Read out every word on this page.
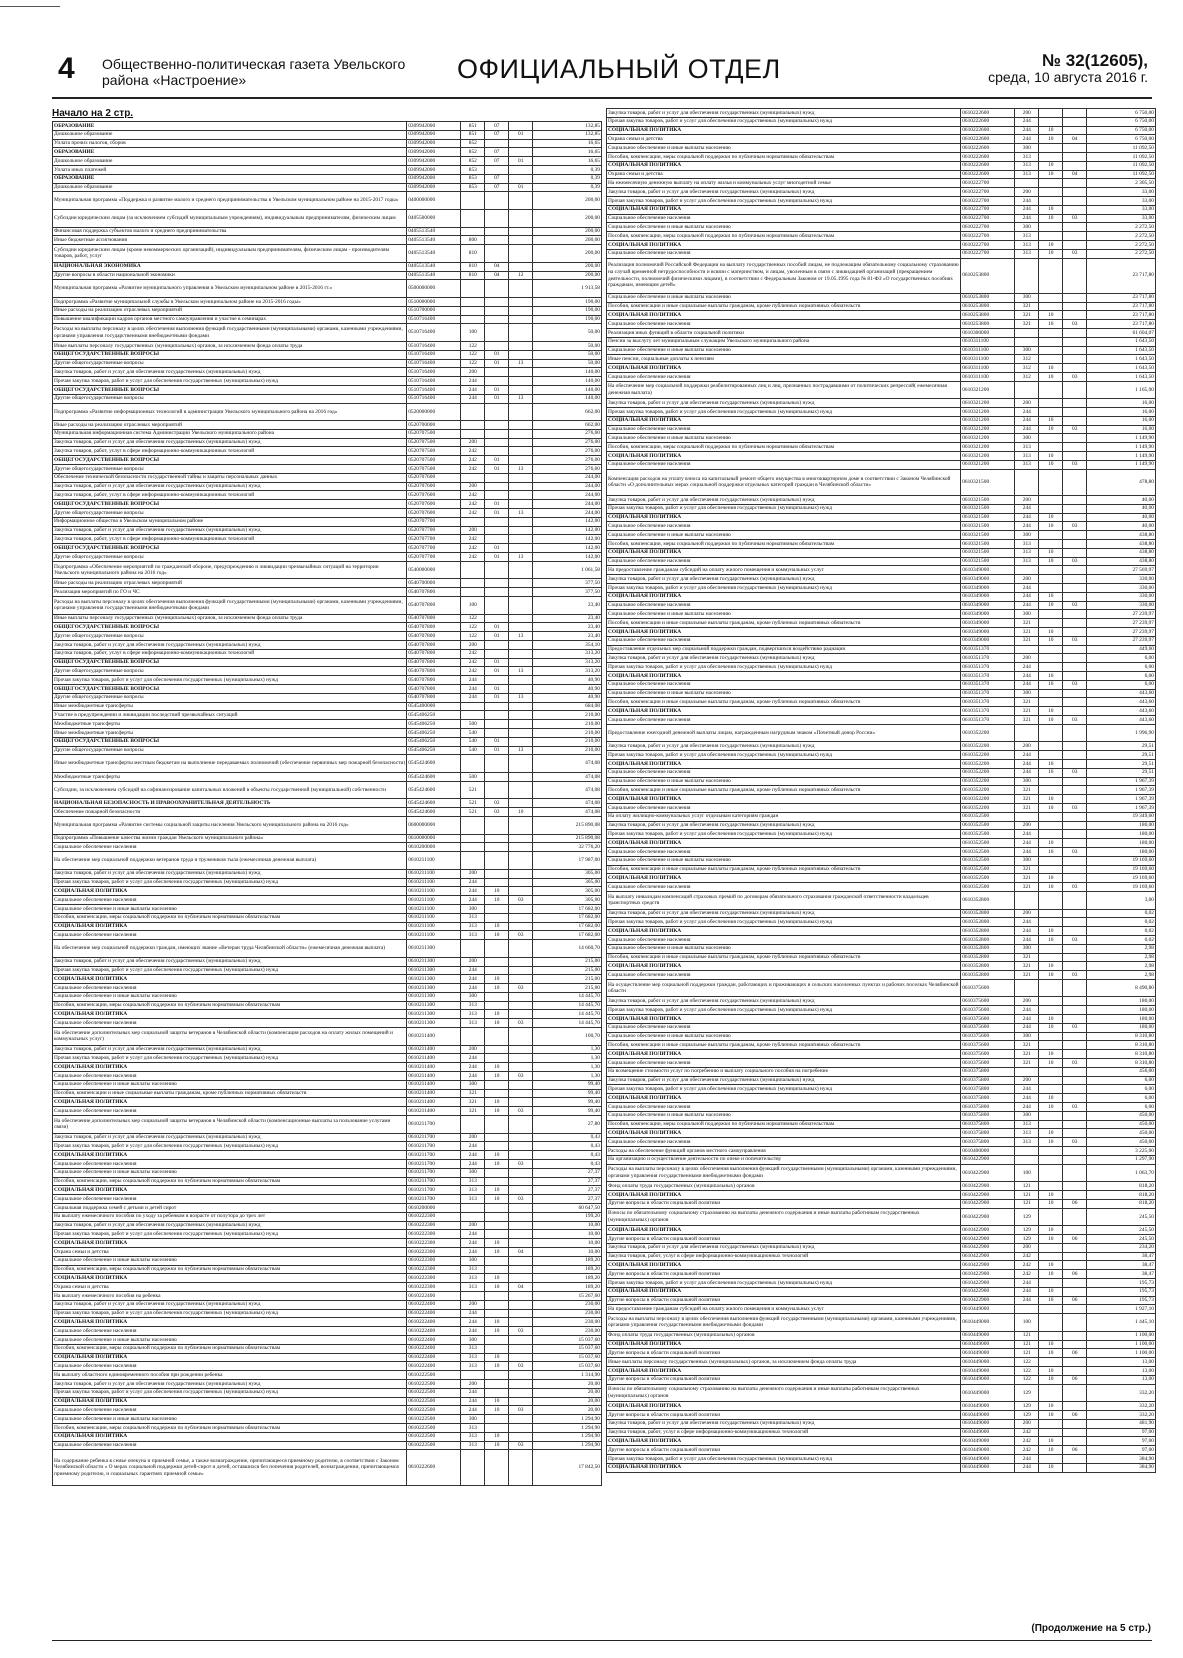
4 Общественно-политическая газета Увельского района «Настроение»	ОФИЦИАЛЬНЫЙ ОТДЕЛ	№ 32(12605),
среда, 10 августа 2016 г.
Начало на 2 стр.
ОБРАЗОВАНИЕ	0309942000	851	07		132,85
Дошкольное образование	0309942000	851	07	01	132,85
Уплата прочих налогов, сборов	0309942000	852			16,65
ОБРАЗОВАНИЕ	0309942000	852	07		16,65
Дошкольное образование	0309942000	852	07	01	16,65
Уплата иных платежей	0309942000	853			0,39
ОБРАЗОВАНИЕ	0309942000	853	07		0,39
Дошкольное образование	0309942000	853	07	01	0,39
Муниципальная программа «Поддержка и развитие малого и среднего предпринимательства в Увельском муниципальном районе на 2015-2017 годы»	0400000000				200,00
Субсидии юридическим лицам (за исключением субсидий муниципальным учреждениям), индивидуальным предпринимателям, физическим лицам	0405500000				200,00
Финансовая поддержка субъектов малого и среднего предпринимательства	0405513540				200,00
Иные бюджетные ассигнования	0405513540	800			200,00
Субсидии юридическим лицам (кроме некоммерческих организаций), индивидуальным предпринимателям, физическим лицам - производителям товаров, работ, услуг	0405513540	810			200,00
НАЦИОНАЛЬНАЯ ЭКОНОМИКА	0405513540	810	04		200,00
Другие вопросы в области национальной экономики	0405513540	810	04	12	200,00
Муниципальная программа «Развитие муниципального управления в Увельском муниципальном районе в 2015-2016 гг.»	0500000000				1 913,58
Подпрограмма «Развитие муниципальной службы в Увельском муниципальном районе на 2015-2016 годы»	0510000000				190,00
Иные расходы на реализацию отраслевых мероприятий	0510700000				190,00
Повышение квалификации кадров органов местного самоуправления и участие в семинарах	0510716400				190,00
Расходы на выплаты персоналу в целях обеспечения выполнения функций государственными (муниципальными) органами, казенными учреждениями, органами управления государственными внебюджетными фондами	0510716400	100			50,00
Иные выплаты персоналу государственных (муниципальных) органов, за исключением фонда оплаты труда	0510716400	122			50,00
ОБЩЕГОСУДАРСТВЕННЫЕ ВОПРОСЫ	0510716400	122	01		50,00
Другие общегосударственные вопросы	0510716400	122	01	13	50,00
Закупка товаров, работ и услуг для обеспечения государственных (муниципальных) нужд	0510716400	200			140,00
Прочая закупка товаров, работ и услуг для обеспечения государственных (муниципальных) нужд	0510716400	244			140,00
ОБЩЕГОСУДАРСТВЕННЫЕ ВОПРОСЫ	0510716400	244	01		140,00
Другие общегосударственные вопросы	0510716400	244	01	13	140,00
Подпрограмма «Развитие информационных технологий в администрации Увельского муниципального района на 2016 год»	0520000000				662,00
Иные расходы на реализацию отраслевых мероприятий	0520700000				662,00
Муниципальная информационная система Администрации Увельского муниципального района	0520707500				276,00
Закупка товаров, работ и услуг для обеспечения государственных (муниципальных) нужд	0520707500	200			276,00
Закупка товаров, работ, услуг в сфере информационно-коммуникационных технологий	0520707500	242			276,00
ОБЩЕГОСУДАРСТВЕННЫЕ ВОПРОСЫ	0520707500	242	01		276,00
Другие общегосударственные вопросы	0520707500	242	01	13	276,00
Обеспечение технической безопасности государственной тайны и защиты персональных данных	0520707600				244,00
Закупка товаров, работ и услуг для обеспечения государственных (муниципальных) нужд	0520707600	200			244,00
Закупка товаров, работ, услуг в сфере информационно-коммуникационных технологий	0520707600	242			244,00
ОБЩЕГОСУДАРСТВЕННЫЕ ВОПРОСЫ	0520707600	242	01		244,00
Другие общегосударственные вопросы	0520707600	242	01	13	244,00
Информационное общество в Увельском муниципальном районе	0520707700				142,00
Закупка товаров, работ и услуг для обеспечения государственных (муниципальных) нужд	0520707700	200			142,00
Закупка товаров, работ, услуг в сфере информационно-коммуникационных технологий	0520707700	242			142,00
ОБЩЕГОСУДАРСТВЕННЫЕ ВОПРОСЫ	0520707700	242	01		142,00
Другие общегосударственные вопросы	0520707700	242	01	13	142,00
Подпрограмма «Обеспечение мероприятий по гражданской обороне, предупреждению и ликвидации чрезвычайных ситуаций на территории Увельского муниципального района на 2016 год»	0540000000				1 061,58
Иные расходы на реализацию отраслевых мероприятий	0540700000				377,50
Реализация мероприятий по ГО и ЧС	0540707800				377,50
Расходы на выплаты персоналу в целях обеспечения выполнения функций государственными (муниципальными) органами, казенными учреждениями, органами управления государственными внебюджетными фондами	0540707800	100			23,40
Иные выплаты персоналу государственных (муниципальных) органов, за исключением фонда оплаты труда	0540707800	122			23,40
ОБЩЕГОСУДАРСТВЕННЫЕ ВОПРОСЫ	0540707800	122	01		23,40
Другие общегосударственные вопросы	0540707800	122	01	13	23,40
Закупка товаров, работ и услуг для обеспечения государственных (муниципальных) нужд	0540707800	200			354,10
Закупка товаров, работ, услуг в сфере информационно-коммуникационных технологий	0540707800	242			313,20
ОБЩЕГОСУДАРСТВЕННЫЕ ВОПРОСЫ	0540707800	242	01		313,20
Другие общегосударственные вопросы	0540707800	242	01	13	313,20
Прочая закупка товаров, работ и услуг для обеспечения государственных (муниципальных) нужд	0540707800	244			40,90
ОБЩЕГОСУДАРСТВЕННЫЕ ВОПРОСЫ	0540707800	244	01		40,90
Другие общегосударственные вопросы	0540707800	244	01	13	40,90
Иные межбюджетные трансферты	0545400000				684,08
Участие в предупреждении и ликвидации последствий чрезвычайных ситуаций	0545406250				210,00
Межбюджетные трансферты	0545406250	500			210,00
Иные межбюджетные трансферты	0545406250	540			210,00
ОБЩЕГОСУДАРСТВЕННЫЕ ВОПРОСЫ	0545406250	540	01		210,00
Другие общегосударственные вопросы	0545406250	540	01	13	210,00
Иные межбюджетные трансферты местным бюджетам на выполнение передаваемых полномочий (обеспечение первичных мер пожарной безопасности)	0545424600				474,08
Межбюджетные трансферты	0545424600	500			474,08
Субсидии, за исключением субсидий на софинансирование капитальных вложений в объекты государственной (муниципальной) собственности	0545424600	521			474,08
НАЦИОНАЛЬНАЯ БЕЗОПАСНОСТЬ И ПРАВООХРАНИТЕЛЬНАЯ ДЕЯТЕЛЬНОСТЬ	0545424600	521	03		474,08
Обеспечение пожарной безопасности	0545424600	521	03	10	474,08
Муниципальная программа «Развитие системы социальной защиты населения Увельского муниципального района на 2016 год»	0600000000				215 890,08
Подпрограмма «Повышение качества жизни граждан Увельского муниципального района»	0610000000				215 890,08
Социальное обеспечение населения	0610200000				32 776,20
На обеспечение мер социальной поддержки ветеранов труда и тружеников тыла (ежемесячная денежная выплата)	0610211100				17 987,00
Закупка товаров, работ и услуг для обеспечения государственных (муниципальных) нужд	0610211100	200			305,00
Прочая закупка товаров, работ и услуг для обеспечения государственных (муниципальных) нужд	0610211100	244			305,00
СОЦИАЛЬНАЯ ПОЛИТИКА	0610211100	244	10		305,00
Социальное обеспечение населения	0610211100	244	10	03	305,00
Социальное обеспечение и иные выплаты населению	0610211100	300			17 682,00
Пособия, компенсации, меры социальной поддержки по публичным нормативным обязательствам	0610211100	313			17 682,00
СОЦИАЛЬНАЯ ПОЛИТИКА	0610211100	313	10		17 682,00
Социальное обеспечение населения	0610211100	313	10	03	17 682,00
На обеспечение мер социальной поддержки граждан, имеющих звание «Ветеран труда Челябинской области» (ежемесячная денежная выплата)	0610211300				14 660,70
Закупка товаров, работ и услуг для обеспечения государственных (муниципальных) нужд	0610211300	200			215,00
Прочая закупка товаров, работ и услуг для обеспечения государственных (муниципальных) нужд	0610211300	244			215,00
СОЦИАЛЬНАЯ ПОЛИТИКА	0610211300	244	10		215,00
Социальное обеспечение населения	0610211300	244	10	03	215,00
Социальное обеспечение и иные выплаты населению	0610211300	300			14 445,70
Пособия, компенсации, меры социальной поддержки по публичным нормативным обязательствам	0610211300	313			14 445,70
СОЦИАЛЬНАЯ ПОЛИТИКА	0610211300	313	10		14 445,70
Социальное обеспечение населения	0610211300	313	10	03	14 445,70
На обеспечение дополнительных мер социальной защиты ветеранов в Челябинской области (компенсация расходов на оплату жилых помещений и коммунальных услуг)	0610211400				100,70
Закупка товаров, работ и услуг для обеспечения государственных (муниципальных) нужд	0610211400	200			1,30
Прочая закупка товаров, работ и услуг для обеспечения государственных (муниципальных) нужд	0610211400	244			1,30
СОЦИАЛЬНАЯ ПОЛИТИКА	0610211400	244	10		1,30
Социальное обеспечение населения	0610211400	244	10	03	1,30
Социальное обеспечение и иные выплаты населению	0610211400	300			99,40
Пособия, компенсации и иные социальные выплаты гражданам, кроме публичных нормативных обязательств	0610211400	321			99,40
СОЦИАЛЬНАЯ ПОЛИТИКА	0610211400	321	10		99,40
Социальное обеспечение населения	0610211400	321	10	03	99,40
На обеспечение дополнительных мер социальной защиты ветеранов в Челябинской области (компенсационные выплаты за пользование услугами связи)	0610211700				27,80
Закупка товаров, работ и услуг для обеспечения государственных (муниципальных) нужд	0610211700	200			0,43
Прочая закупка товаров, работ и услуг для обеспечения государственных (муниципальных) нужд	0610211700	244			0,43
СОЦИАЛЬНАЯ ПОЛИТИКА	0610211700	244	10		0,43
Социальное обеспечение населения	0610211700	244	10	03	0,43
Социальное обеспечение и иные выплаты населению	0610211700	300			27,37
Пособия, компенсации, меры социальной поддержки по публичным нормативным обязательствам	0610211700	313			27,37
СОЦИАЛЬНАЯ ПОЛИТИКА	0610211700	313	10		27,37
Социальное обеспечение населения	0610211700	313	10	03	27,37
Социальная поддержка семей с детьми и детей сирот	0610200000				60 647,50
На выплату ежемесячного пособия по уходу за ребенком в возрасте от полутора до трех лет	0610222300				199,20
Закупка товаров, работ и услуг для обеспечения государственных (муниципальных) нужд	0610222300	200			10,00
Прочая закупка товаров, работ и услуг для обеспечения государственных (муниципальных) нужд	0610222300	244			10,00
СОЦИАЛЬНАЯ ПОЛИТИКА	0610222300	244	10		10,00
Охрана семьи и детства	0610222300	244	10	04	10,00
Социальное обеспечение и иные выплаты населению	0610222300	300			189,20
Пособия, компенсации, меры социальной поддержки по публичным нормативным обязательствам	0610222300	313			189,20
СОЦИАЛЬНАЯ ПОЛИТИКА	0610222300	313	10		189,20
Охрана семьи и детства	0610222300	313	10	04	189,20
На выплату ежемесячного пособия на ребенка	0610222400				15 267,60
Закупка товаров, работ и услуг для обеспечения государственных (муниципальных) нужд	0610222400	200			230,00
Прочая закупка товаров, работ и услуг для обеспечения государственных (муниципальных) нужд	0610222400	244			230,00
СОЦИАЛЬНАЯ ПОЛИТИКА	0610222400	244	10		230,00
Социальное обеспечение населения	0610222400	244	10	03	230,00
Социальное обеспечение и иные выплаты населению	0610222400	300			15 037,60
Пособия, компенсации, меры социальной поддержки по публичным нормативным обязательствам	0610222400	313			15 037,60
СОЦИАЛЬНАЯ ПОЛИТИКА	0610222400	313	10		15 037,60
Социальное обеспечение населения	0610222400	313	10	03	15 037,60
На выплату областного единовременного пособия при рождении ребенка	0610222500				1 314,90
Закупка товаров, работ и услуг для обеспечения государственных (муниципальных) нужд	0610222500	200			20,00
Прочая закупка товаров, работ и услуг для обеспечения государственных (муниципальных) нужд	0610222500	244			20,00
СОЦИАЛЬНАЯ ПОЛИТИКА	0610222500	244	10		20,00
Социальное обеспечение населения	0610222500	244	10	03	20,00
Социальное обеспечение и иные выплаты населению	0610222500	300			1 294,90
Пособия, компенсации, меры социальной поддержки по публичным нормативным обязательствам	0610222500	313			1 294,90
СОЦИАЛЬНАЯ ПОЛИТИКА	0610222500	313	10		1 294,90
Социальное обеспечение населения	0610222500	313	10	03	1 294,90
На содержание ребенка в семье опекуна и приемной семье, а также вознаграждение, причитающееся приемному родителю, в соответствии с Законом Челябинской области « О мерах социальной поддержки детей-сирот и детей, оставшихся без попечения родителей, вознаграждении, причитающемся приемному родителю, и социальных гарантиях приемной семье»	0610222600				17 842,50
Закупка товаров, работ и услуг для обеспечения государственных (муниципальных) нужд	0610222600	200			6 750,00
Прочая закупка товаров, работ и услуг для обеспечения государственных (муниципальных) нужд	0610222600	244			6 750,00
СОЦИАЛЬНАЯ ПОЛИТИКА	0610222600	244	10		6 750,00
Охрана семьи и детства	0610222600	244	10	04	6 750,00
Социальное обеспечение и иные выплаты населению	0610222600	300			11 092,50
Пособия, компенсации, меры социальной поддержки по публичным нормативным обязательствам	0610222600	313			11 092,50
СОЦИАЛЬНАЯ ПОЛИТИКА	0610222600	313	10		11 092,50
Охрана семьи и детства	0610222600	313	10	04	11 092,50
На ежемесячную денежную выплату на оплату жилья и коммунальных услуг многодетной семье	0610222700				2 305,50
Закупка товаров, работ и услуг для обеспечения государственных (муниципальных) нужд	0610222700	200			33,00
Прочая закупка товаров, работ и услуг для обеспечения государственных (муниципальных) нужд	0610222700	244			33,00
СОЦИАЛЬНАЯ ПОЛИТИКА	0610222700	244	10		33,00
Социальное обеспечение населения	0610222700	244	10	03	33,00
Социальное обеспечение и иные выплаты населению	0610222700	300			2 272,50
Пособия, компенсации, меры социальной поддержки по публичным нормативным обязательствам	0610222700	313			2 272,50
СОЦИАЛЬНАЯ ПОЛИТИКА	0610222700	313	10		2 272,50
Социальное обеспечение населения	0610222700	313	10	03	2 272,50
Реализация полномочий Российской Федерации на выплату государственных пособий лицам, не подлежащим обязательному социальному страхованию на случай временной нетрудоспособности и всвязи с материнством, и лицам, уволенным в связи с ликвидацией организаций (прекращением деятельности, полномочий физическими лицами), в соответствии с Федеральным Законом от 19.05.1995 года № 81-ФЗ «О государственных пособиях гражданам, имеющим детей»	0610253800				23 717,80
Социальное обеспечение и иные выплаты населению	0610253800	300			23 717,80
Пособия, компенсации и иные социальные выплаты гражданам, кроме публичных нормативных обязательств	0610253800	321			23 717,80
СОЦИАЛЬНАЯ ПОЛИТИКА	0610253800	321	10		23 717,80
Социальное обеспечение населения	0610253800	321	10	03	23 717,80
Реализация иных функций в области социальной политики	0610300000				61 604,07
Пенсии за выслугу лет муниципальным служащим Увельского муниципального района	0610311100				1 643,50
Социальное обеспечение и иные выплаты населению	0610311100	300			1 643,50
Иные пенсии, социальные доплаты к пенсиям	0610311100	312			1 643,50
СОЦИАЛЬНАЯ ПОЛИТИКА	0610311100	312	10		1 643,50
Социальное обеспечение населения	0610311100	312	10	03	1 643,50
На обеспечение мер социальной поддержки реабилитированных лиц и лиц, признанных пострадавшими от политических репрессий( ежемесячная денежная выплата)	0610321200				1 165,90
Закупка товаров, работ и услуг для обеспечения государственных (муниципальных) нужд	0610321200	200			16,00
Прочая закупка товаров, работ и услуг для обеспечения государственных (муниципальных) нужд	0610321200	244			16,00
СОЦИАЛЬНАЯ ПОЛИТИКА	0610321200	244	10		16,00
Социальное обеспечение населения	0610321200	244	10	03	16,00
Социальное обеспечение и иные выплаты населению	0610321200	300			1 149,90
Пособия, компенсации, меры социальной поддержки по публичным нормативным обязательствам	0610321200	313			1 149,90
СОЦИАЛЬНАЯ ПОЛИТИКА	0610321200	313	10		1 149,90
Социальное обеспечение населения	0610321200	313	10	03	1 149,90
Компенсация расходов на уплату взноса на капитальный ремонт общего имущества в многоквартирном доме в соответствии с Законом Челябинской области «О дополнительных мерах социальной поддержки отдельных категорий граждан в Челябинской области»	0610321500				478,80
Закупка товаров, работ и услуг для обеспечения государственных (муниципальных) нужд	0610321500	200			40,00
Прочая закупка товаров, работ и услуг для обеспечения государственных (муниципальных) нужд	0610321500	244			40,00
СОЦИАЛЬНАЯ ПОЛИТИКА	0610321500	244	10		40,00
Социальное обеспечение населения	0610321500	244	10	03	40,00
Социальное обеспечение и иные выплаты населению	0610321500	300			438,80
Пособия, компенсации, меры социальной поддержки по публичным нормативным обязательствам	0610321500	313			438,80
СОЦИАЛЬНАЯ ПОЛИТИКА	0610321500	313	10		438,80
Социальное обеспечение населения	0610321500	313	10	03	438,80
На предоставление гражданам субсидий на оплату жилого помещения и коммунальных услуг	0610349000				27 569,97
Закупка товаров, работ и услуг для обеспечения государственных (муниципальных) нужд	0610349000	200			330,00
Прочая закупка товаров, работ и услуг для обеспечения государственных (муниципальных) нужд	0610349000	244			330,00
СОЦИАЛЬНАЯ ПОЛИТИКА	0610349000	244	10		330,00
Социальное обеспечение населения	0610349000	244	10	03	330,00
Социальное обеспечение и иные выплаты населению	0610349000	300			27 239,97
Пособия, компенсации и иные социальные выплаты гражданам, кроме публичных нормативных обязательств	0610349000	321			27 239,97
СОЦИАЛЬНАЯ ПОЛИТИКА	0610349000	321	10		27 239,97
Социальное обеспечение населения	0610349000	321	10	03	27 239,97
Предоставление отдельных мер социальной поддержки граждан, подвергшихся воздействию радиации	0610351370				449,60
Закупка товаров, работ и услуг для обеспечения государственных (муниципальных) нужд	0610351370	200			6,00
Прочая закупка товаров, работ и услуг для обеспечения государственных (муниципальных) нужд	0610351370	244			6,00
СОЦИАЛЬНАЯ ПОЛИТИКА	0610351370	244	10		6,00
Социальное обеспечение населения	0610351370	244	10	03	6,00
Социальное обеспечение и иные выплаты населению	0610351370	300			443,60
Пособия, компенсации и иные социальные выплаты гражданам, кроме публичных нормативных обязательств	0610351370	321			443,60
СОЦИАЛЬНАЯ ПОЛИТИКА	0610351370	321	10		443,60
Социальное обеспечение населения	0610351370	321	10	03	443,60
Предоставление ежегодной денежной выплаты лицам, награжденным нагрудным знаком «Почетный донор России»	0610352200				1 996,90
Закупка товаров, работ и услуг для обеспечения государственных (муниципальных) нужд	0610352200	200			29,51
Прочая закупка товаров, работ и услуг для обеспечения государственных (муниципальных) нужд	0610352200	244			29,51
СОЦИАЛЬНАЯ ПОЛИТИКА	0610352200	244	10		29,51
Социальное обеспечение населения	0610352200	244	10	03	29,51
Социальное обеспечение и иные выплаты населению	0610352200	300			1 967,39
Пособия, компенсации и иные социальные выплаты гражданам, кроме публичных нормативных обязательств	0610352200	321			1 967,39
СОЦИАЛЬНАЯ ПОЛИТИКА	0610352200	321	10		1 967,39
Социальное обеспечение населения	0610352200	321	10	03	1 967,39
На оплату жилищно-коммунальных услуг отдельным категориям граждан	0610352500				19 349,60
Закупка товаров, работ и услуг для обеспечения государственных (муниципальных) нужд	0610352500	200			180,00
Прочая закупка товаров, работ и услуг для обеспечения государственных (муниципальных) нужд	0610352500	244			180,00
СОЦИАЛЬНАЯ ПОЛИТИКА	0610352500	244	10		180,00
Социальное обеспечение населения	0610352500	244	10	03	180,00
Социальное обеспечение и иные выплаты населению	0610352500	300			19 169,60
Пособия, компенсации и иные социальные выплаты гражданам, кроме публичных нормативных обязательств	0610352500	321			19 169,60
СОЦИАЛЬНАЯ ПОЛИТИКА	0610352500	321	10		19 169,60
Социальное обеспечение населения	0610352500	321	10	03	19 169,60
На выплату инвалидам компенсаций страховых премий по договорам обязательного страхования гражданской ответственности владельцев транспортных средств	0610352800				3,00
Закупка товаров, работ и услуг для обеспечения государственных (муниципальных) нужд	0610352800	200			0,02
Прочая закупка товаров, работ и услуг для обеспечения государственных (муниципальных) нужд	0610352800	244			0,02
СОЦИАЛЬНАЯ ПОЛИТИКА	0610352800	244	10		0,02
Социальное обеспечение населения	0610352800	244	10	03	0,02
Социальное обеспечение и иные выплаты населению	0610352800	300			2,98
Пособия, компенсации и иные социальные выплаты гражданам, кроме публичных нормативных обязательств	0610352800	321			2,98
СОЦИАЛЬНАЯ ПОЛИТИКА	0610352800	321	10		2,98
Социальное обеспечение населения	0610352800	321	10	03	2,98
На осуществление мер социальной поддержки граждан, работающих и проживающих в сельских населенных пунктах и рабочих поселках Челябинской области	0610375600				8 490,80
Закупка товаров, работ и услуг для обеспечения государственных (муниципальных) нужд	0610375600	200			180,00
Прочая закупка товаров, работ и услуг для обеспечения государственных (муниципальных) нужд	0610375600	244			180,00
СОЦИАЛЬНАЯ ПОЛИТИКА	0610375600	244	10		180,00
Социальное обеспечение населения	0610375600	244	10	03	180,00
Социальное обеспечение и иные выплаты населению	0610375600	300			8 310,80
Пособия, компенсации и иные социальные выплаты гражданам, кроме публичных нормативных обязательств	0610375600	321			8 310,80
СОЦИАЛЬНАЯ ПОЛИТИКА	0610375600	321	10		8 310,80
Социальное обеспечение населения	0610375600	321	10	03	8 310,80
На возмещение стоимости услуг по погребению и выплату социального пособия на погребение	0610375800				456,00
Закупка товаров, работ и услуг для обеспечения государственных (муниципальных) нужд	0610375800	200			6,00
Прочая закупка товаров, работ и услуг для обеспечения государственных (муниципальных) нужд	0610375800	244			6,00
СОЦИАЛЬНАЯ ПОЛИТИКА	0610375800	244	10		6,00
Социальное обеспечение населения	0610375800	244	10	03	6,00
Социальное обеспечение и иные выплаты населению	0610375800	300			450,00
Пособия, компенсации, меры социальной поддержки по публичным нормативным обязательствам	0610375800	313			450,00
СОЦИАЛЬНАЯ ПОЛИТИКА	0610375800	313	10		450,00
Социальное обеспечение населения	0610375800	313	10	03	450,00
Расходы на обеспечение функций органов местного самоуправления	0610400000				3 225,00
На организацию и осуществление деятельности по опеке и попечительству	0610422900				1 297,90
Расходы на выплаты персоналу в целях обеспечения выполнения функций государственными (муниципальными) органами, казенными учреждениями, органами управления государственными внебюджетными фондами	0610422900	100			1 063,70
Фонд оплаты труда государственных (муниципальных) органов	0610422900	121			818,20
СОЦИАЛЬНАЯ ПОЛИТИКА	0610422900	121	10		818,20
Другие вопросы в области социальной политики	0610422900	121	10	06	818,20
Взносы по обязательному социальному страхованию на выплаты денежного содержания и иные выплаты работникам государственных (муниципальных) органов	0610422900	129			245,50
СОЦИАЛЬНАЯ ПОЛИТИКА	0610422900	129	10		245,50
Другие вопросы в области социальной политики	0610422900	129	10	06	245,50
Закупка товаров, работ и услуг для обеспечения государственных (муниципальных) нужд	0610422900	200			234,20
Закупка товаров, работ, услуг в сфере информационно-коммуникационных технологий	0610422900	242			38,47
СОЦИАЛЬНАЯ ПОЛИТИКА	0610422900	242	10		38,47
Другие вопросы в области социальной политики	0610422900	242	10	06	38,47
Прочая закупка товаров, работ и услуг для обеспечения государственных (муниципальных) нужд	0610422900	244			195,73
СОЦИАЛЬНАЯ ПОЛИТИКА	0610422900	244	10		195,73
Другие вопросы в области социальной политики	0610422900	244	10	06	195,73
На предоставление гражданам субсидий на оплату жилого помещения и коммунальных услуг	0610449000				1 927,10
Расходы на выплаты персоналу в целях обеспечения выполнения функций государственными (муниципальными) органами, казенными учреждениями, органами управления государственными внебюджетными фондами	0610449000	100			1 445,10
Фонд оплаты труда государственных (муниципальных) органов	0610449000	121			1 100,00
СОЦИАЛЬНАЯ ПОЛИТИКА	0610449000	121	10		1 100,00
Другие вопросы в области социальной политики	0610449000	121	10	06	1 100,00
Иные выплаты персоналу государственных (муниципальных) органов, за исключением фонда оплаты труда	0610449000	122			13,00
СОЦИАЛЬНАЯ ПОЛИТИКА	0610449000	122	10		13,00
Другие вопросы в области социальной политики	0610449000	122	10	06	13,00
Взносы по обязательному социальному страхованию на выплаты денежного содержания и иные выплаты работникам государственных (муниципальных) органов	0610449000	129			332,20
СОЦИАЛЬНАЯ ПОЛИТИКА	0610449000	129	10		332,20
Другие вопросы в области социальной политики	0610449000	129	10	06	332,20
Закупка товаров, работ и услуг для обеспечения государственных (муниципальных) нужд	0610449000	200			481,90
Закупка товаров, работ, услуг в сфере информационно-коммуникационных технологий	0610449000	242			97,00
СОЦИАЛЬНАЯ ПОЛИТИКА	0610449000	242	10		97,00
Другие вопросы в области социальной политики	0610449000	242	10	06	97,00
Прочая закупка товаров, работ и услуг для обеспечения государственных (муниципальных) нужд	0610449000	244			384,90
СОЦИАЛЬНАЯ ПОЛИТИКА	0610449000	244	10		384,90
(Продолжение на 5 стр.)
